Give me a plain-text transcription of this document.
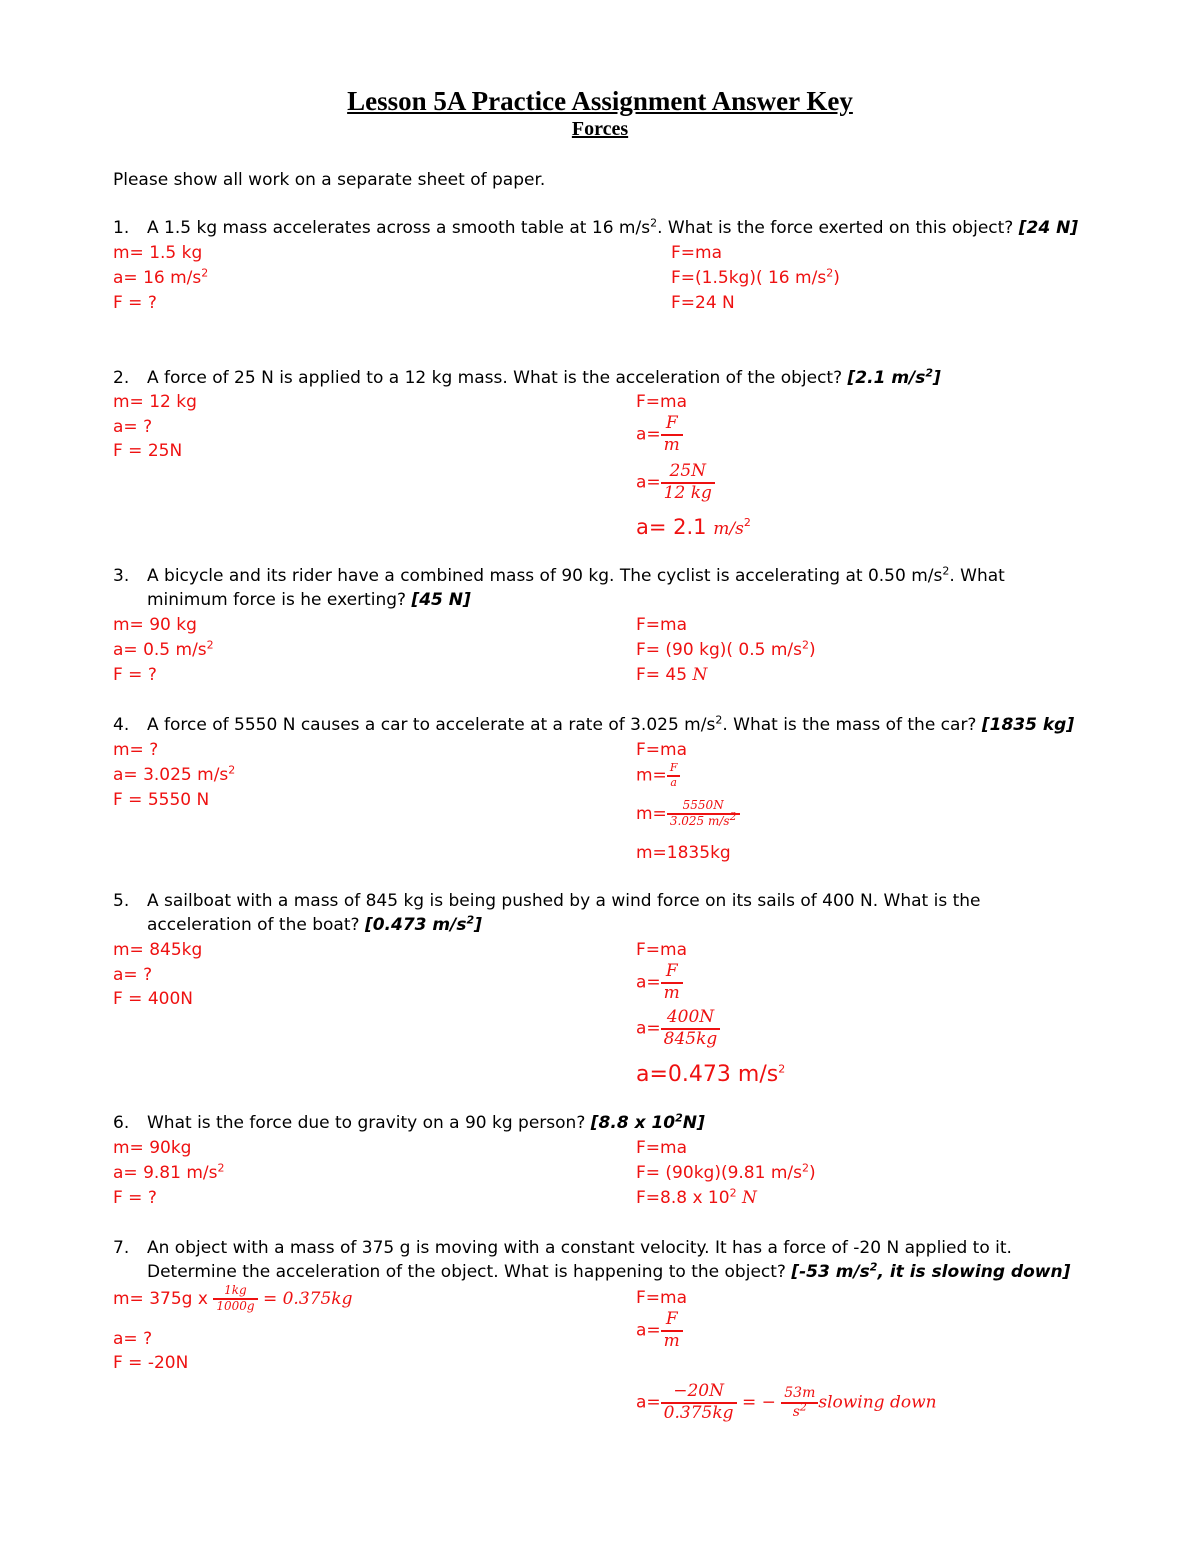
Lesson 5A Practice Assignment Answer Key
Forces
Please show all work on a separate sheet of paper.
1. A 1.5 kg mass accelerates across a smooth table at 16 $m/s^2$. What is the force exerted on this object? [24 N]
m= 1.5 kg
a= 16 $m/s^2$
F = ?
F=ma
F=(1.5kg)( 16 $m/s^2$)
F=24 N
2. A force of 25 N is applied to a 12 kg mass. What is the acceleration of the object? [2.1 $m/s^2$]
m= 12 kg
a= ?
F = 25N
F=ma
$a= \frac{F}{m}$
$a= \frac{25N}{12 kg}$
a= 2.1 $m/s^2$
3. A bicycle and its rider have a combined mass of 90 kg. The cyclist is accelerating at 0.50 $m/s^2$. What
minimum force is he exerting? [45 N]
m= 90 kg
a= 0.5 $m/s^2$
F = ?
F=ma
F= (90 kg)( 0.5 $m/s^2$)
F= 45 N
4. A force of 5550 N causes a car to accelerate at a rate of 3.025 $m/s^2$. What is the mass of the car? [1835 kg]
m= ?
a= 3.025 $m/s^2$
F = 5550 N
F=ma
$m= \frac{F}{a}$
$m= \frac{5550N}{3.025 m/s^2}$
m=1835kg
5. A sailboat with a mass of 845 kg is being pushed by a wind force on its sails of 400 N. What is the
acceleration of the boat? [0.473 $m/s^2$]
m= 845kg
a= ?
F = 400N
F=ma
$a= \frac{F}{m}$
$a= \frac{400N}{845kg}$
a=0.473 $m/s^2$
6. What is the force due to gravity on a 90 kg person? [8.8 x $10^2N$]
m= 90kg
a= 9.81 $m/s^2$
F = ?
F=ma
F= (90kg)(9.81 $m/s^2$)
F=8.8 x $10^2$ N
7. An object with a mass of 375 g is moving with a constant velocity. It has a force of -20 N applied to it.
Determine the acceleration of the object. What is happening to the object? [-53 $m/s^2$, it is slowing down]
m= 375g x $\frac{1kg}{1000g} = 0.375kg$
a= ?
F = -20N
F=ma
$a= \frac{F}{m}$
$a= \frac{-20N}{0.375kg}$ = − $\frac{53m}{s^2}$ slowing down
